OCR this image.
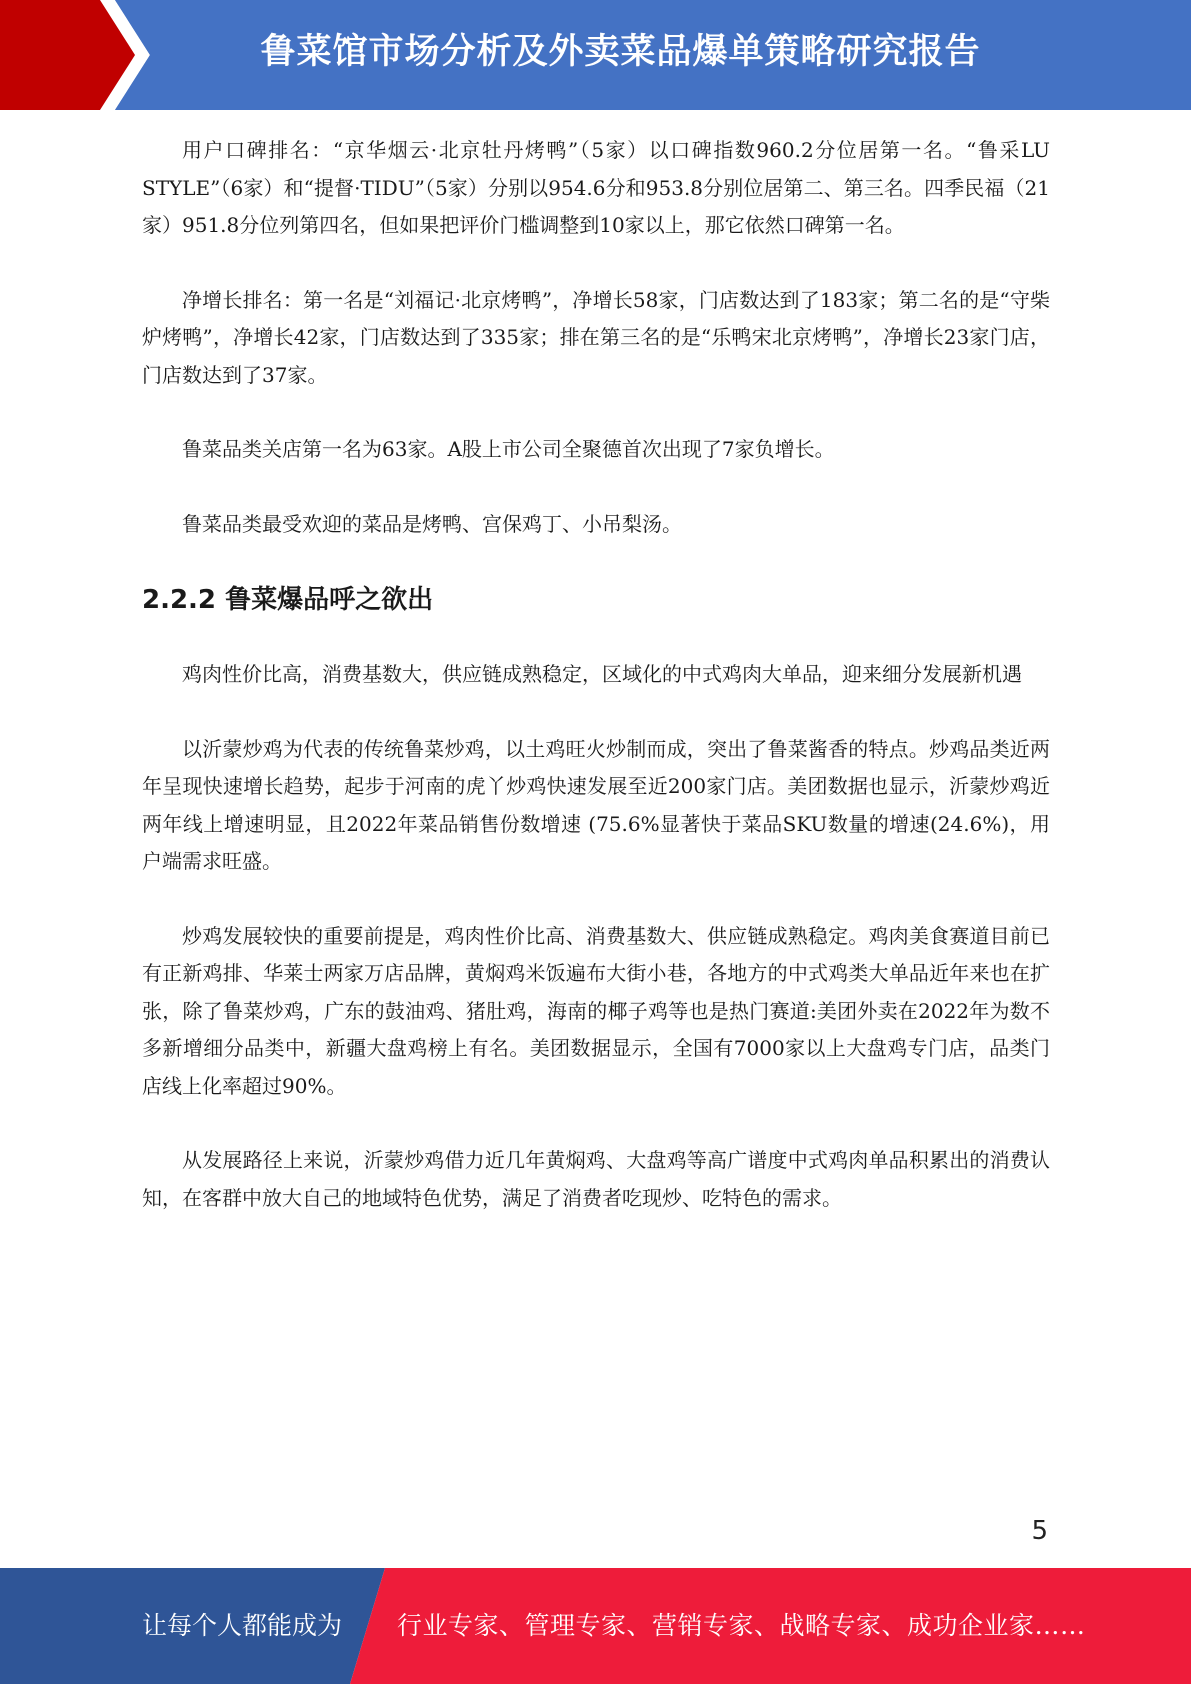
鲁菜馆市场分析及外卖菜品爆单策略研究报告

用户口碑排名：“京华烟云·北京牡丹烤鸭”（5家）以口碑指数960.2分位居第一名。“鲁采LU STYLE”（6家）和“提督·TIDU”（5家）分别以954.6分和953.8分别位居第二、第三名。四季民福（21家）951.8分位列第四名，但如果把评价门槛调整到10家以上，那它依然口碑第一名。

净增长排名：第一名是“刘福记·北京烤鸭”，净增长58家，门店数达到了183家；第二名的是“守柴炉烤鸭”，净增长42家，门店数达到了335家；排在第三名的是“乐鸭宋北京烤鸭”，净增长23家门店，门店数达到了37家。

鲁菜品类关店第一名为63家。A股上市公司全聚德首次出现了7家负增长。

鲁菜品类最受欢迎的菜品是烤鸭、宫保鸡丁、小吊梨汤。

2.2.2 鲁菜爆品呼之欲出

鸡肉性价比高，消费基数大，供应链成熟稳定，区域化的中式鸡肉大单品，迎来细分发展新机遇

以沂蒙炒鸡为代表的传统鲁菜炒鸡，以土鸡旺火炒制而成，突出了鲁菜酱香的特点。炒鸡品类近两年呈现快速增长趋势，起步于河南的虎丫炒鸡快速发展至近200家门店。美团数据也显示，沂蒙炒鸡近两年线上增速明显，且2022年菜品销售份数增速 (75.6%显著快于菜品SKU数量的增速(24.6%)，用户端需求旺盛。

炒鸡发展较快的重要前提是，鸡肉性价比高、消费基数大、供应链成熟稳定。鸡肉美食赛道目前已有正新鸡排、华莱士两家万店品牌，黄焖鸡米饭遍布大街小巷，各地方的中式鸡类大单品近年来也在扩张，除了鲁菜炒鸡，广东的鼓油鸡、猪肚鸡，海南的椰子鸡等也是热门赛道:美团外卖在2022年为数不多新增细分品类中，新疆大盘鸡榜上有名。美团数据显示，全国有7000家以上大盘鸡专门店，品类门店线上化率超过90%。

从发展路径上来说，沂蒙炒鸡借力近几年黄焖鸡、大盘鸡等高广谱度中式鸡肉单品积累出的消费认知，在客群中放大自己的地域特色优势，满足了消费者吃现炒、吃特色的需求。

5
让每个人都能成为 行业专家、管理专家、营销专家、战略专家、成功企业家……
